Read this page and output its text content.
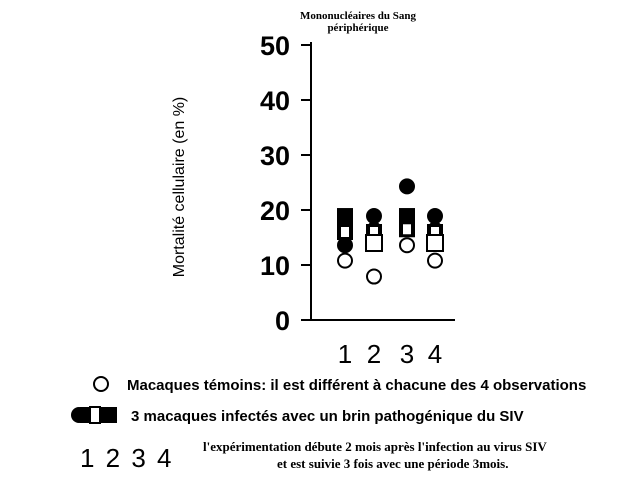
Mononucléaires du Sang
périphérique
Mortalité cellulaire (en %)
0
10
20
30
40
50
1 2 3 4
Macaques témoins: il est différent à chacune des 4 observations
3 macaques infectés avec un brin pathogénique du SIV
1 2 3 4 l'expérimentation débute 2 mois après l'infection au virus SIV
et est suivie 3 fois avec une période 3mois.
